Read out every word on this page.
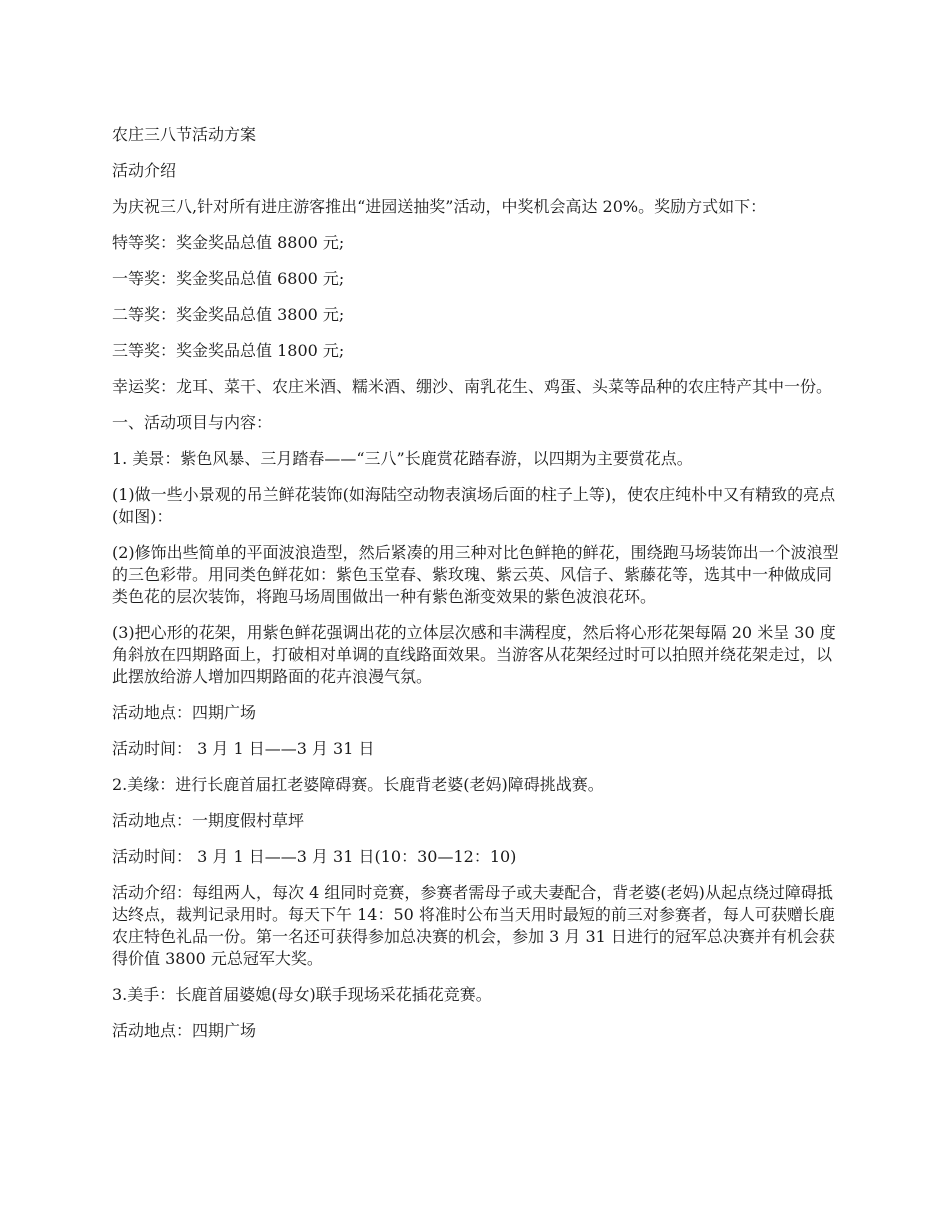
农庄三八节活动方案

活动介绍

为庆祝三八,针对所有进庄游客推出“进园送抽奖”活动，中奖机会高达 20%。奖励方式如下：

特等奖：奖金奖品总值 8800 元;

一等奖：奖金奖品总值 6800 元;

二等奖：奖金奖品总值 3800 元;

三等奖：奖金奖品总值 1800 元;

幸运奖：龙耳、菜干、农庄米酒、糯米酒、绷沙、南乳花生、鸡蛋、头菜等品种的农庄特产其中一份。

一、活动项目与内容：

1. 美景：紫色风暴、三月踏春——“三八”长鹿赏花踏春游，以四期为主要赏花点。

(1)做一些小景观的吊兰鲜花装饰(如海陆空动物表演场后面的柱子上等)，使农庄纯朴中又有精致的亮点(如图)：

(2)修饰出些简单的平面波浪造型，然后紧凑的用三种对比色鲜艳的鲜花，围绕跑马场装饰出一个波浪型的三色彩带。用同类色鲜花如：紫色玉堂春、紫玫瑰、紫云英、风信子、紫藤花等，选其中一种做成同类色花的层次装饰，将跑马场周围做出一种有紫色渐变效果的紫色波浪花环。

(3)把心形的花架，用紫色鲜花强调出花的立体层次感和丰满程度，然后将心形花架每隔 20 米呈 30 度角斜放在四期路面上，打破相对单调的直线路面效果。当游客从花架经过时可以拍照并绕花架走过，以此摆放给游人增加四期路面的花卉浪漫气氛。

活动地点：四期广场

活动时间： 3 月 1 日——3 月 31 日

2.美缘：进行长鹿首届扛老婆障碍赛。长鹿背老婆(老妈)障碍挑战赛。

活动地点：一期度假村草坪

活动时间： 3 月 1 日——3 月 31 日(10：30—12：10)

活动介绍：每组两人，每次 4 组同时竞赛，参赛者需母子或夫妻配合，背老婆(老妈)从起点绕过障碍抵达终点，裁判记录用时。每天下午 14：50 将准时公布当天用时最短的前三对参赛者，每人可获赠长鹿农庄特色礼品一份。第一名还可获得参加总决赛的机会，参加 3 月 31 日进行的冠军总决赛并有机会获得价值 3800 元总冠军大奖。

3.美手：长鹿首届婆媳(母女)联手现场采花插花竞赛。

活动地点：四期广场
